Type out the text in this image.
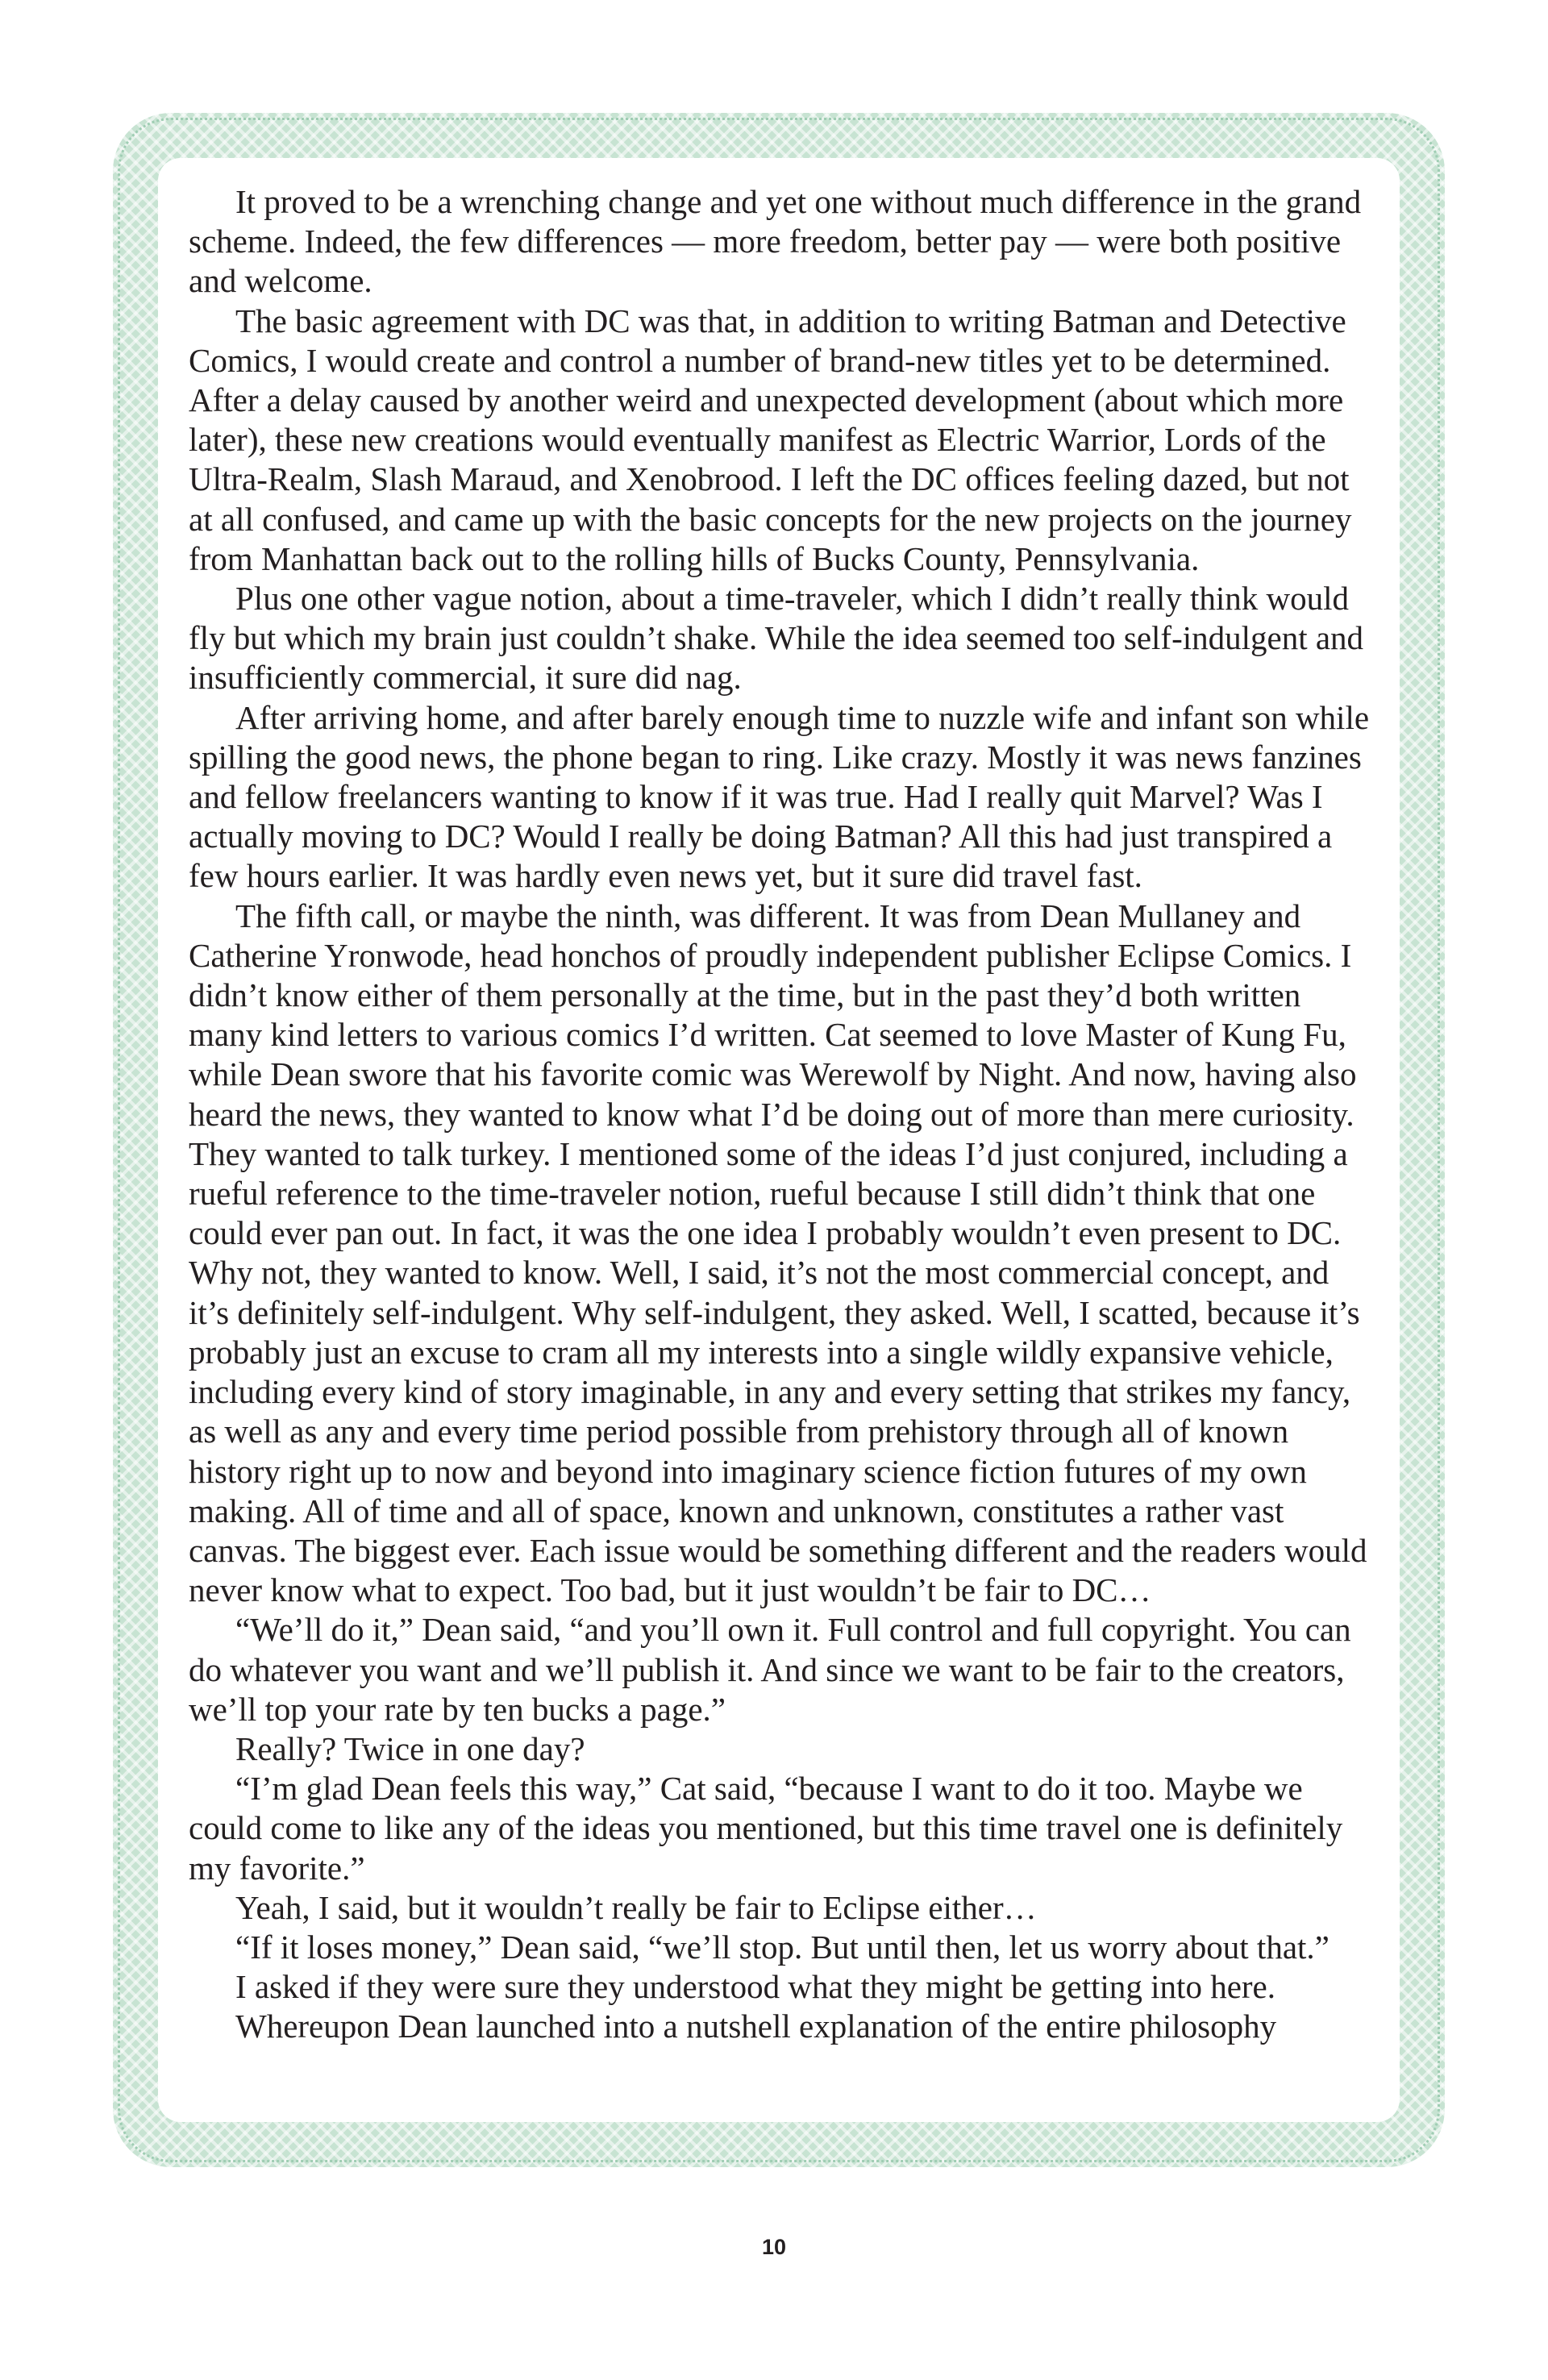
It proved to be a wrenching change and yet one without much difference in the grand scheme. Indeed, the few differences — more freedom, better pay — were both positive and welcome.

The basic agreement with DC was that, in addition to writing Batman and Detective Comics, I would create and control a number of brand-new titles yet to be determined. After a delay caused by another weird and unexpected development (about which more later), these new creations would eventually manifest as Electric Warrior, Lords of the Ultra-Realm, Slash Maraud, and Xenobrood. I left the DC offices feeling dazed, but not at all confused, and came up with the basic concepts for the new projects on the journey from Manhattan back out to the rolling hills of Bucks County, Pennsylvania.

Plus one other vague notion, about a time-traveler, which I didn’t really think would fly but which my brain just couldn’t shake. While the idea seemed too self-indulgent and insufficiently commercial, it sure did nag.

After arriving home, and after barely enough time to nuzzle wife and infant son while spilling the good news, the phone began to ring. Like crazy. Mostly it was news fanzines and fellow freelancers wanting to know if it was true. Had I really quit Marvel? Was I actually moving to DC? Would I really be doing Batman? All this had just transpired a few hours earlier. It was hardly even news yet, but it sure did travel fast.

The fifth call, or maybe the ninth, was different. It was from Dean Mullaney and Catherine Yronwode, head honchos of proudly independent publisher Eclipse Comics. I didn’t know either of them personally at the time, but in the past they’d both written many kind letters to various comics I’d written. Cat seemed to love Master of Kung Fu, while Dean swore that his favorite comic was Werewolf by Night. And now, having also heard the news, they wanted to know what I’d be doing out of more than mere curiosity. They wanted to talk turkey. I mentioned some of the ideas I’d just conjured, including a rueful reference to the time-traveler notion, rueful because I still didn’t think that one could ever pan out. In fact, it was the one idea I probably wouldn’t even present to DC. Why not, they wanted to know. Well, I said, it’s not the most commercial concept, and it’s definitely self-indulgent. Why self-indulgent, they asked. Well, I scatted, because it’s probably just an excuse to cram all my interests into a single wildly expansive vehicle, including every kind of story imaginable, in any and every setting that strikes my fancy, as well as any and every time period possible from prehistory through all of known history right up to now and beyond into imaginary science fiction futures of my own making. All of time and all of space, known and unknown, constitutes a rather vast canvas. The biggest ever. Each issue would be something different and the readers would never know what to expect. Too bad, but it just wouldn’t be fair to DC…

“We’ll do it,” Dean said, “and you’ll own it. Full control and full copyright. You can do whatever you want and we’ll publish it. And since we want to be fair to the creators, we’ll top your rate by ten bucks a page.”

Really? Twice in one day?

“I’m glad Dean feels this way,” Cat said, “because I want to do it too. Maybe we could come to like any of the ideas you mentioned, but this time travel one is definitely my favorite.”

Yeah, I said, but it wouldn’t really be fair to Eclipse either…

“If it loses money,” Dean said, “we’ll stop. But until then, let us worry about that.”

I asked if they were sure they understood what they might be getting into here.

Whereupon Dean launched into a nutshell explanation of the entire philosophy

10
